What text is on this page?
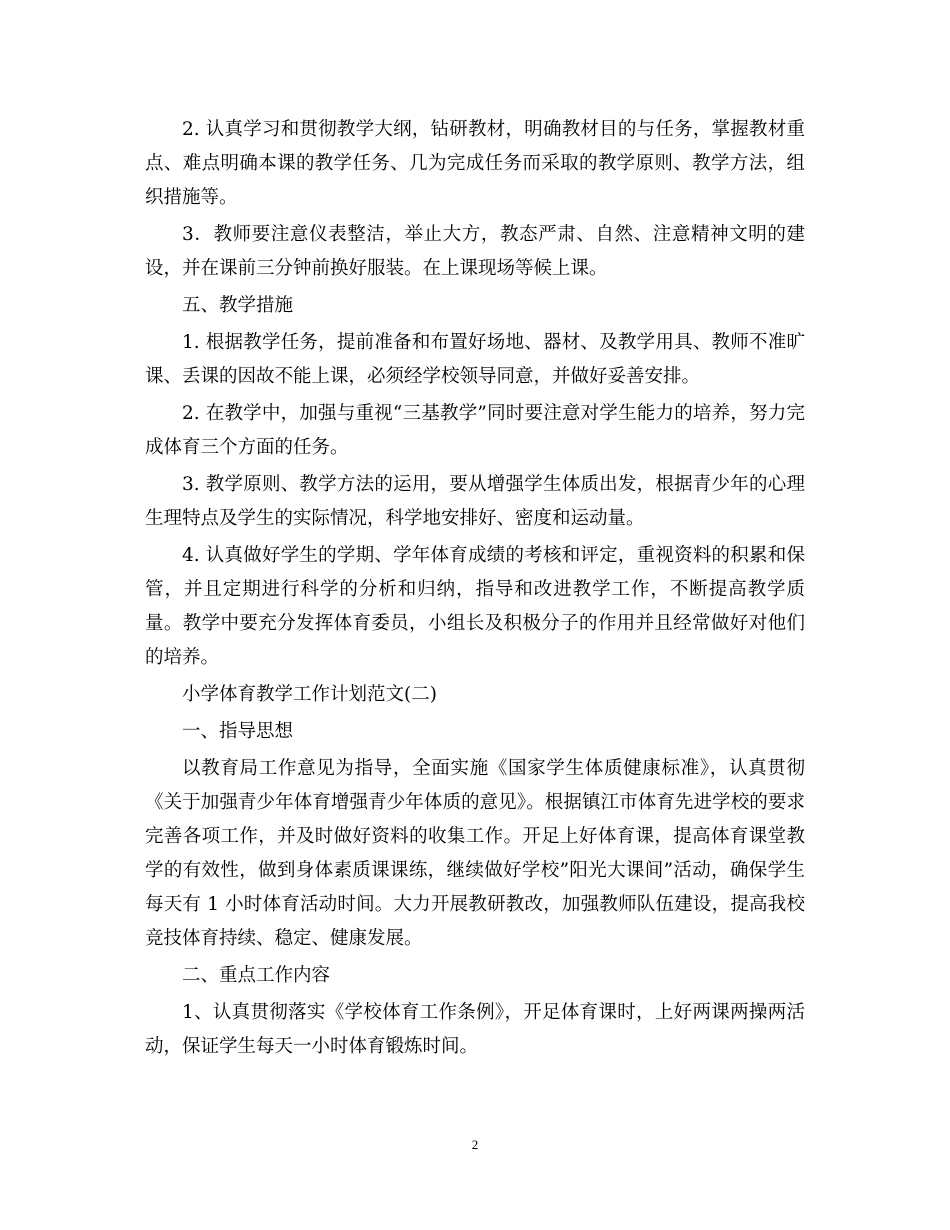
2. 认真学习和贯彻教学大纲，钻研教材，明确教材目的与任务，掌握教材重点、难点明确本课的教学任务、几为完成任务而采取的教学原则、教学方法，组织措施等。

3．教师要注意仪表整洁，举止大方，教态严肃、自然、注意精神文明的建设，并在课前三分钟前换好服装。在上课现场等候上课。

五、教学措施

1. 根据教学任务，提前准备和布置好场地、器材、及教学用具、教师不准旷课、丢课的因故不能上课，必须经学校领导同意，并做好妥善安排。

2. 在教学中，加强与重视“三基教学”同时要注意对学生能力的培养，努力完成体育三个方面的任务。

3. 教学原则、教学方法的运用，要从增强学生体质出发，根据青少年的心理生理特点及学生的实际情况，科学地安排好、密度和运动量。

4. 认真做好学生的学期、学年体育成绩的考核和评定，重视资料的积累和保管，并且定期进行科学的分析和归纳，指导和改进教学工作，不断提高教学质量。教学中要充分发挥体育委员，小组长及积极分子的作用并且经常做好对他们的培养。

小学体育教学工作计划范文(二)

一、指导思想

以教育局工作意见为指导，全面实施《国家学生体质健康标准》，认真贯彻《关于加强青少年体育增强青少年体质的意见》。根据镇江市体育先进学校的要求完善各项工作，并及时做好资料的收集工作。开足上好体育课，提高体育课堂教学的有效性，做到身体素质课课练，继续做好学校”阳光大课间”活动，确保学生每天有 1 小时体育活动时间。大力开展教研教改，加强教师队伍建设，提高我校竞技体育持续、稳定、健康发展。

二、重点工作内容

1、认真贯彻落实《学校体育工作条例》，开足体育课时，上好两课两操两活动，保证学生每天一小时体育锻炼时间。

2
